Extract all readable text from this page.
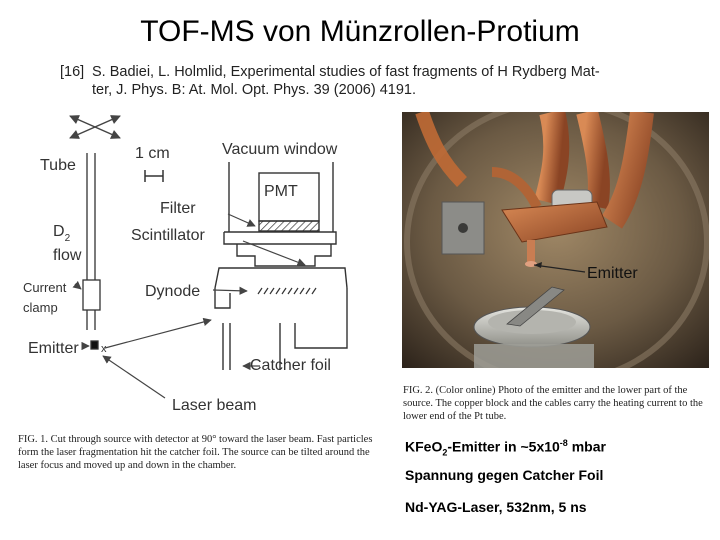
TOF-MS von Münzrollen-Protium
[16] S. Badiei, L. Holmlid, Experimental studies of fast fragments of H Rydberg Mat-
ter, J. Phys. B: At. Mol. Opt. Phys. 39 (2006) 4191.
Tube
1 cm	Vacuum window
PMT
Filter
Scintillator
$D_2$
flow
Current
clamp
Dynode
Emitter x
Catcher foil
Laser beam
FIG. 1. Cut through source with detector at 90° toward the laser beam. Fast particles form the laser fragmentation hit the catcher foil. The source can be tilted around the laser focus and moved up and down in the chamber.
Emitter
FIG. 2. (Color online) Photo of the emitter and the lower part of the source. The copper block and the cables carry the heating current to the lower end of the Pt tube.
KFeO$_2$-Emitter in $\sim 5x10^{-8}$ mbar
Spannung gegen Catcher Foil
Nd-YAG-Laser, 532nm, 5 ns
